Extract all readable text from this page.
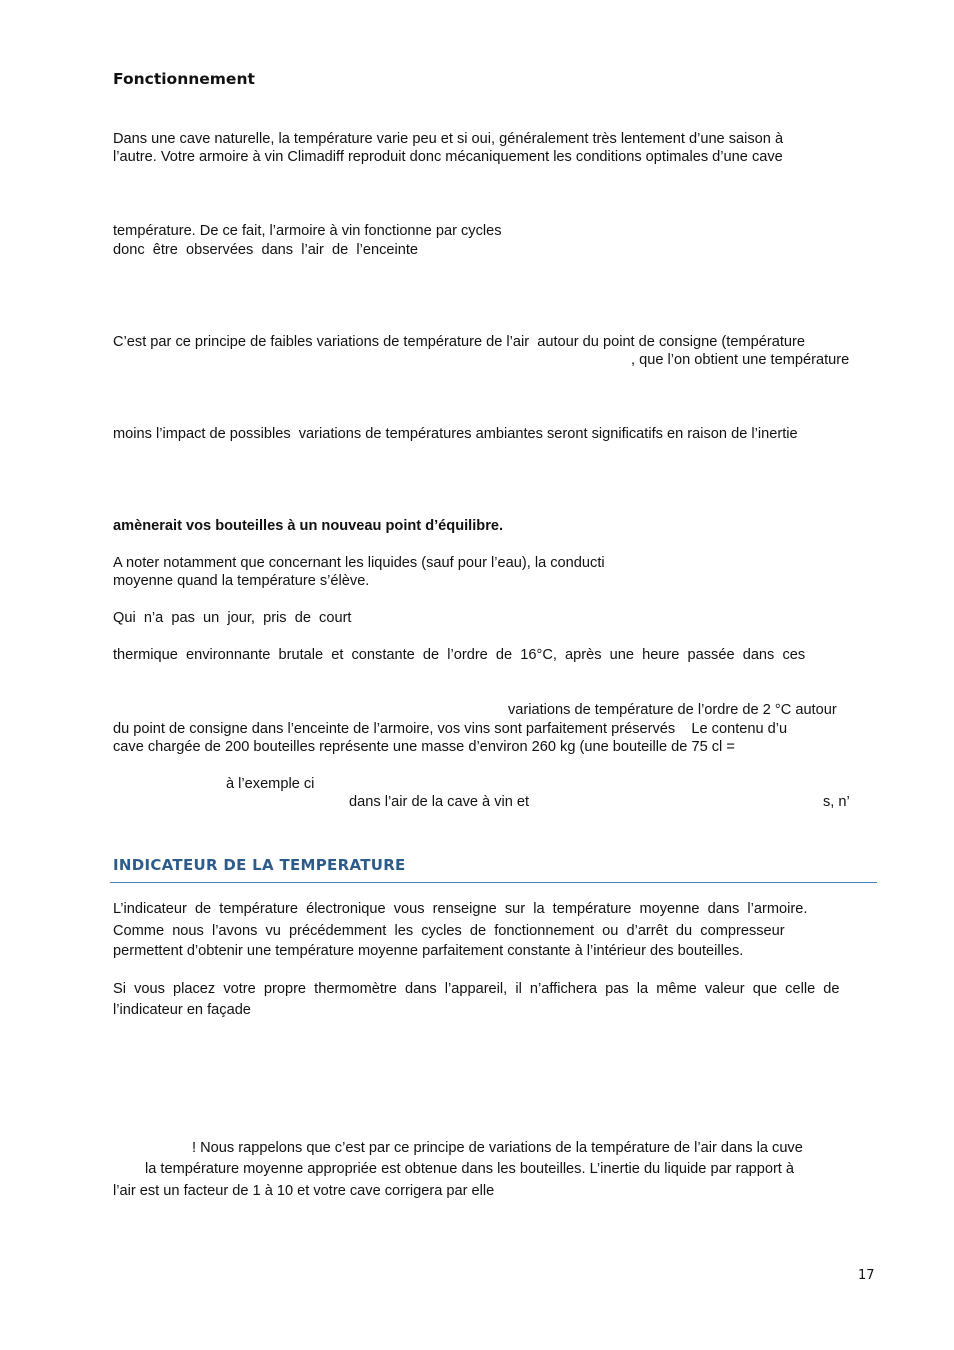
Fonctionnement
Dans une cave naturelle, la température varie peu et si oui, généralement très lentement d’une saison à
l’autre. Votre armoire à vin Climadiff reproduit donc mécaniquement les conditions optimales d’une cave
température. De ce fait, l’armoire à vin fonctionne par cycles
donc  être  observées  dans  l’air  de  l’enceinte
C’est par ce principe de faibles variations de température de l’air  autour du point de consigne (température
, que l’on obtient une température
moins l’impact de possibles  variations de températures ambiantes seront significatifs en raison de l’inertie
amènerait vos bouteilles à un nouveau point d’équilibre.
A noter notamment que concernant les liquides (sauf pour l’eau), la conducti
moyenne quand la température s’élève.
Qui  n’a  pas  un  jour,  pris  de  court
thermique  environnante  brutale  et  constante  de  l’ordre  de  16°C,  après  une  heure  passée  dans  ces
variations de température de l’ordre de 2 °C autour
du point de consigne dans l’enceinte de l’armoire, vos vins sont parfaitement préservés    Le contenu d’u
cave chargée de 200 bouteilles représente une masse d’environ 260 kg (une bouteille de 75 cl =
à l’exemple ci
dans l’air de la cave à vin et	s, n’
INDICATEUR DE LA TEMPERATURE
L’indicateur  de  température  électronique  vous  renseigne  sur  la  température  moyenne  dans  l’armoire.
Comme  nous  l’avons  vu  précédemment  les  cycles  de  fonctionnement  ou  d’arrêt  du  compresseur
permettent d’obtenir une température moyenne parfaitement constante à l’intérieur des bouteilles.
Si  vous  placez  votre  propre  thermomètre  dans  l’appareil,  il  n’affichera  pas  la  même  valeur  que  celle  de
l’indicateur en façade
! Nous rappelons que c’est par ce principe de variations de la température de l’air dans la cuve
la température moyenne appropriée est obtenue dans les bouteilles. L’inertie du liquide par rapport à
l’air est un facteur de 1 à 10 et votre cave corrigera par elle
17
